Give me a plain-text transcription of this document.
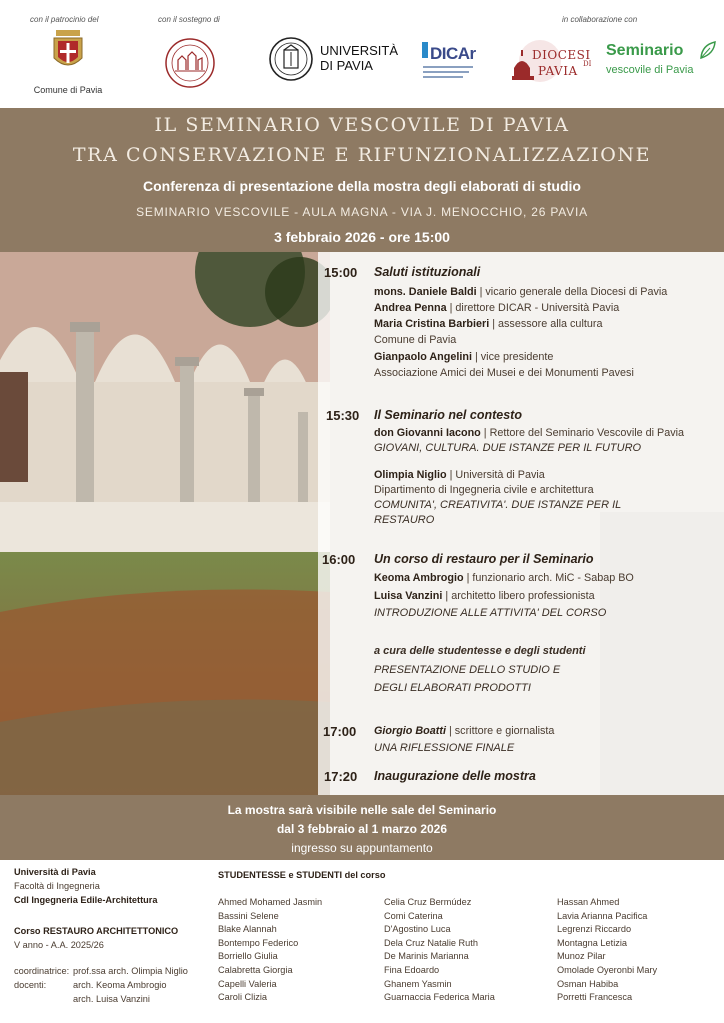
con il patrocinio del	con il sostegno di	in collaborazione con
Comune di Pavia
UNIVERSITÀ
DI PAVIA
DICAr	DIOCESI
DI
PAVIA
Seminario
vescovile di Pavia
IL SEMINARIO VESCOVILE DI PAVIA
TRA CONSERVAZIONE E RIFUNZIONALIZZAZIONE
Conferenza di presentazione della mostra degli elaborati di studio
SEMINARIO VESCOVILE - AULA MAGNA - VIA J. MENOCCHIO, 26 PAVIA
3 febbraio 2026 - ore 15:00
15:00 Saluti istituzionali
mons. Daniele Baldi | vicario generale della Diocesi di Pavia
Andrea Penna | direttore DICAR - Università Pavia
Maria Cristina Barbieri | assessore alla cultura
Comune di Pavia
Gianpaolo Angelini | vice presidente
Associazione Amici dei Musei e dei Monumenti Pavesi
15:30 Il Seminario nel contesto
don Giovanni Iacono | Rettore del Seminario Vescovile di Pavia
GIOVANI, CULTURA. DUE ISTANZE PER IL FUTURO
Olimpia Niglio | Università di Pavia
Dipartimento di Ingegneria civile e architettura
COMUNITA', CREATIVITA'. DUE ISTANZE PER IL
RESTAURO
16:00 Un corso di restauro per il Seminario
Keoma Ambrogio | funzionario arch. MiC - Sabap BO
Luisa Vanzini | architetto libero professionista
INTRODUZIONE ALLE ATTIVITA' DEL CORSO
a cura delle studentesse e degli studenti
PRESENTAZIONE DELLO STUDIO E
DEGLI ELABORATI PRODOTTI
17:00 Giorgio Boatti | scrittore e giornalista
UNA RIFLESSIONE FINALE
17:20 Inaugurazione delle mostra
La mostra sarà visibile nelle sale del Seminario
dal 3 febbraio al 1 marzo 2026
ingresso su appuntamento
Università di Pavia
Facoltà di Ingegneria
Cdl Ingegneria Edile-Architettura
Corso RESTAURO ARCHITETTONICO
V anno - A.A. 2025/26
coordinatrice: prof.ssa arch. Olimpia Niglio
docenti:	arch. Keoma Ambrogio
arch. Luisa Vanzini
STUDENTESSE e STUDENTI del corso
Ahmed Mohamed Jasmin
Bassini Selene
Blake Alannah
Bontempo Federico
Borriello Giulia
Calabretta Giorgia
Capelli Valeria
Caroli Clizia
Celia Cruz Bermúdez
Comi Caterina
D'Agostino Luca
Dela Cruz Natalie Ruth
De Marinis Marianna
Fina Edoardo
Ghanem Yasmin
Guarnaccia Federica Maria
Hassan Ahmed
Lavia Arianna Pacifica
Legrenzi Riccardo
Montagna Letizia
Munoz Pilar
Omolade Oyeronbi Mary
Osman Habiba
Porretti Francesca
